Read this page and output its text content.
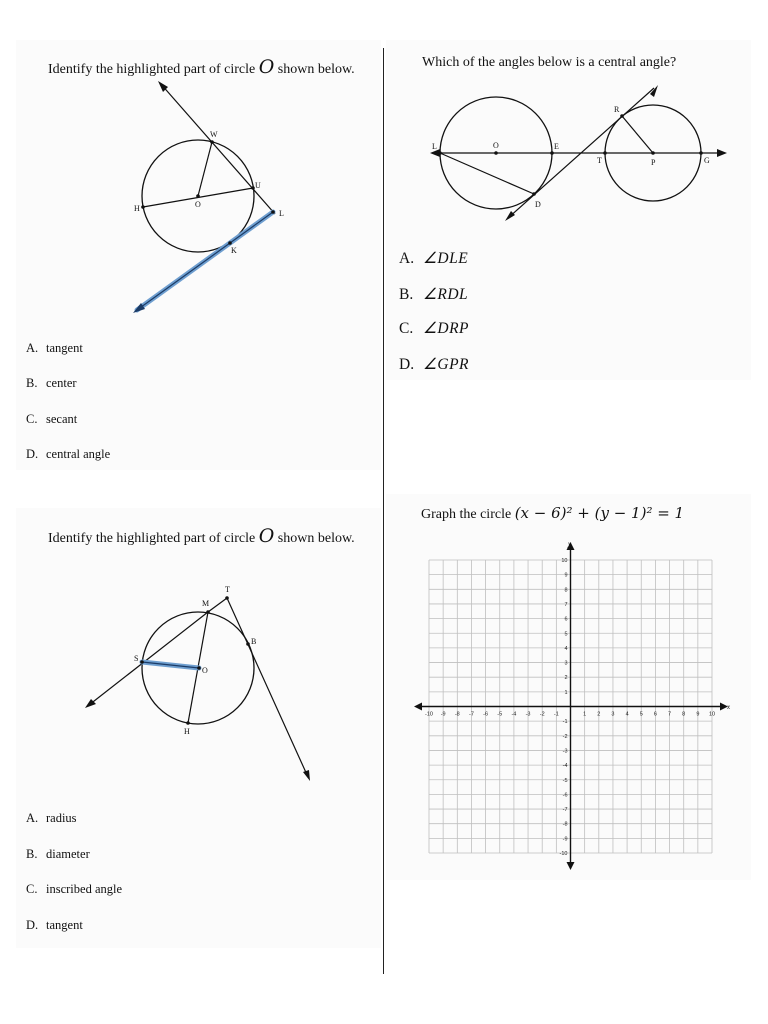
Identify the highlighted part of circle O shown below.
W
U
O
H
L
K
A. tangent
B. center
C. secant
D. central angle
Which of the angles below is a central angle?
L	O	E
R
T	P	G
D
A. ∠DLE
B. ∠RDL
C. ∠DRP
D. ∠GPR
Identify the highlighted part of circle O shown below.
T
M
B
S
O
H
A. radius
B. diameter
C. inscribed angle
D. tangent
Graph the circle (x − 6)² + (y − 1)² = 1
-10 -9 -8 -7 -6 -5 -4 -3 -2 -1	1 2 3 4 5 6 7 8 9 10
-10
-9
-8
-7
-6
-5
-4
-3
-2
-1
1
2
3
4
5
6
7
8
9
10
x
y
